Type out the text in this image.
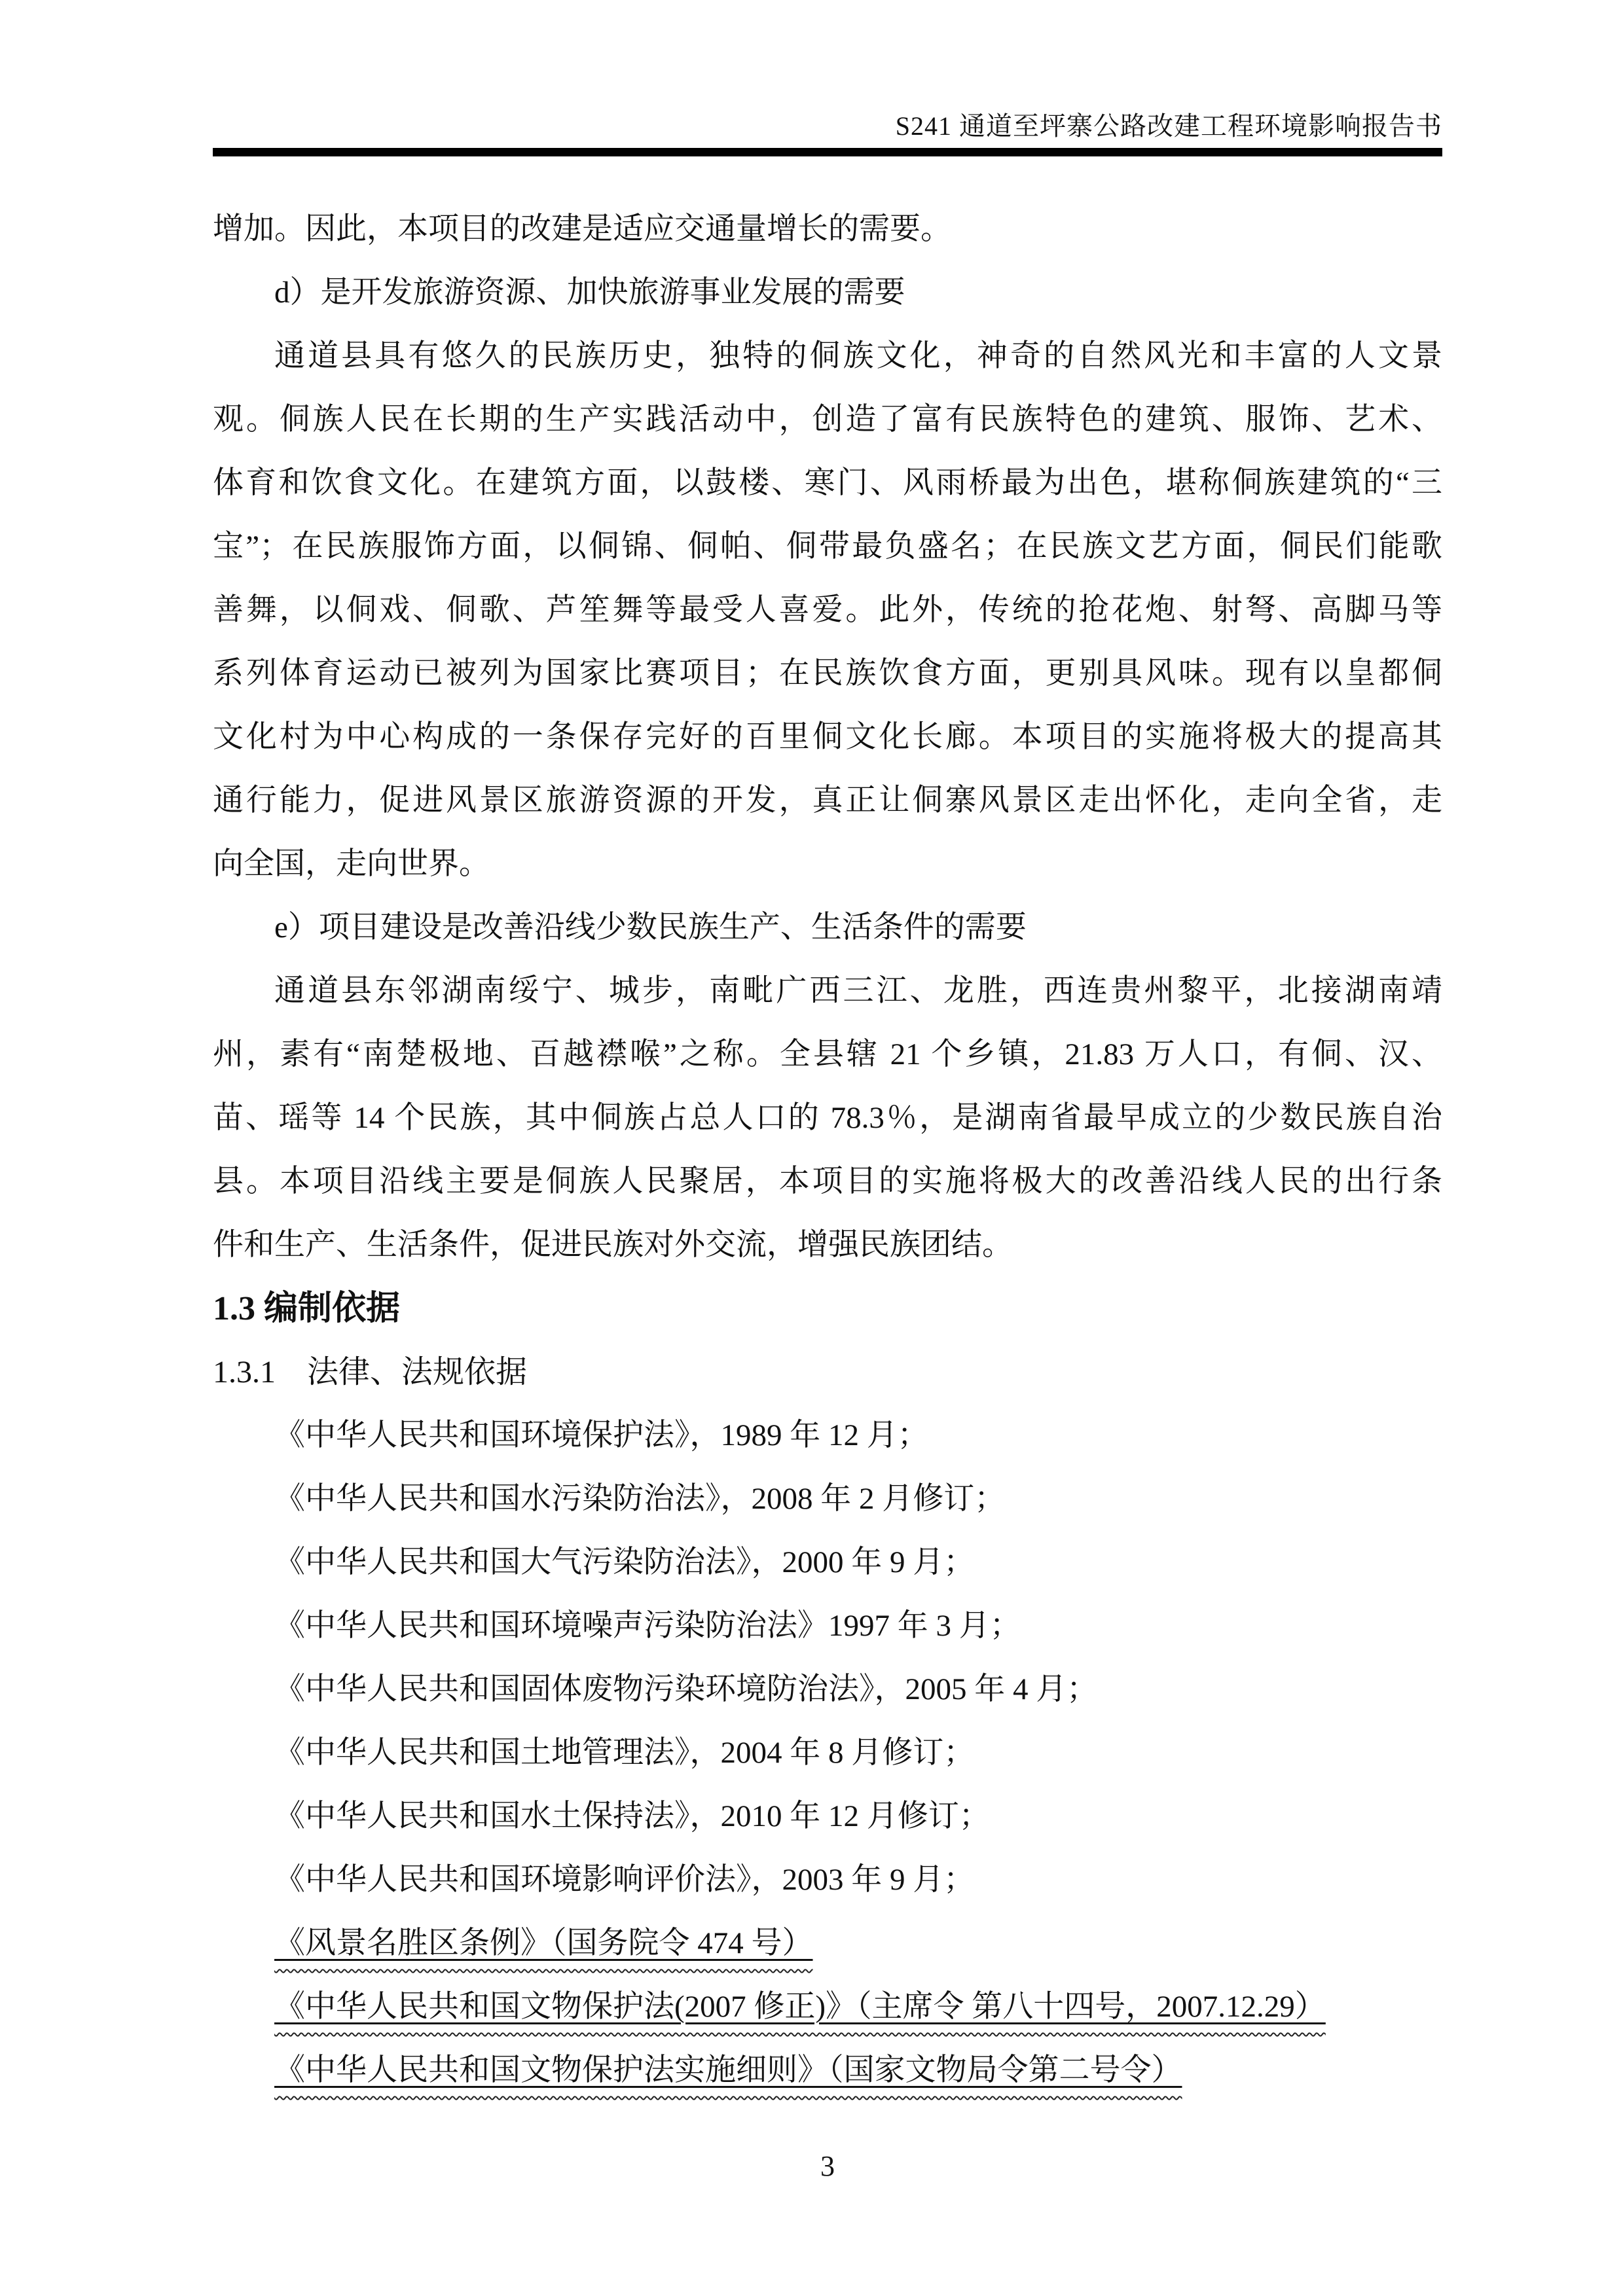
S241 通道至坪寨公路改建工程环境影响报告书
增加。因此，本项目的改建是适应交通量增长的需要。
d）是开发旅游资源、加快旅游事业发展的需要
通道县具有悠久的民族历史，独特的侗族文化，神奇的自然风光和丰富的人文景
观。侗族人民在长期的生产实践活动中，创造了富有民族特色的建筑、服饰、艺术、
体育和饮食文化。在建筑方面，以鼓楼、寒门、风雨桥最为出色，堪称侗族建筑的“三
宝”；在民族服饰方面，以侗锦、侗帕、侗带最负盛名；在民族文艺方面，侗民们能歌
善舞，以侗戏、侗歌、芦笙舞等最受人喜爱。此外，传统的抢花炮、射弩、高脚马等
系列体育运动已被列为国家比赛项目；在民族饮食方面，更别具风味。现有以皇都侗
文化村为中心构成的一条保存完好的百里侗文化长廊。本项目的实施将极大的提高其
通行能力，促进风景区旅游资源的开发，真正让侗寨风景区走出怀化，走向全省，走
向全国，走向世界。
e）项目建设是改善沿线少数民族生产、生活条件的需要
通道县东邻湖南绥宁、城步，南毗广西三江、龙胜，西连贵州黎平，北接湖南靖
州，素有“南楚极地、百越襟喉”之称。全县辖 21 个乡镇，21.83 万人口，有侗、汉、
苗、瑶等 14 个民族，其中侗族占总人口的 78.3％，是湖南省最早成立的少数民族自治
县。本项目沿线主要是侗族人民聚居，本项目的实施将极大的改善沿线人民的出行条
件和生产、生活条件，促进民族对外交流，增强民族团结。
1.3 编制依据
1.3.1　法律、法规依据
《中华人民共和国环境保护法》，1989 年 12 月；
《中华人民共和国水污染防治法》，2008 年 2 月修订；
《中华人民共和国大气污染防治法》，2000 年 9 月；
《中华人民共和国环境噪声污染防治法》1997 年 3 月；
《中华人民共和国固体废物污染环境防治法》，2005 年 4 月；
《中华人民共和国土地管理法》，2004 年 8 月修订；
《中华人民共和国水土保持法》，2010 年 12 月修订；
《中华人民共和国环境影响评价法》，2003 年 9 月；
《风景名胜区条例》（国务院令 474 号）
《中华人民共和国文物保护法(2007 修正)》（主席令 第八十四号，2007.12.29）
《中华人民共和国文物保护法实施细则》（国家文物局令第二号令）
3
